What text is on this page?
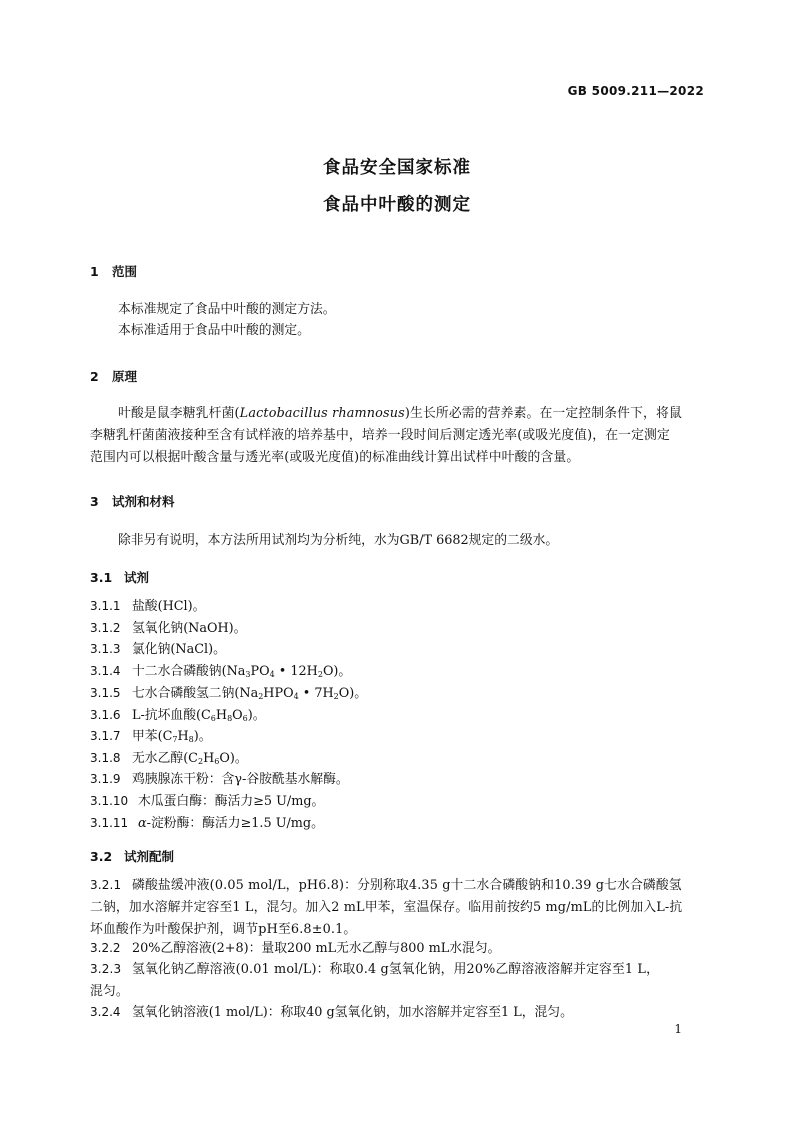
GB 5009.211—2022
食品安全国家标准
食品中叶酸的测定
1 范围
本标准规定了食品中叶酸的测定方法。
本标准适用于食品中叶酸的测定。
2 原理
叶酸是鼠李糖乳杆菌(Lactobacillus rhamnosus)生长所必需的营养素。在一定控制条件下，将鼠
李糖乳杆菌菌液接种至含有试样液的培养基中，培养一段时间后测定透光率(或吸光度值)，在一定测定
范围内可以根据叶酸含量与透光率(或吸光度值)的标准曲线计算出试样中叶酸的含量。
3 试剂和材料
除非另有说明，本方法所用试剂均为分析纯，水为GB/T 6682规定的二级水。
3.1 试剂
3.1.1 盐酸(HCl)。
3.1.2 氢氧化钠(NaOH)。
3.1.3 氯化钠(NaCl)。
3.1.4 十二水合磷酸钠($Na_3PO_4$ • $12H_2O$)。
3.1.5 七水合磷酸氢二钠($Na_2HPO_4$ • $7H_2O$)。
3.1.6 L-抗坏血酸$(C_6H_8O_6)$。
3.1.7 甲苯$(C_7H_8)$。
3.1.8 无水乙醇$(C_2H_6O)$。
3.1.9 鸡胰腺冻干粉：含γ-谷胺酰基水解酶。
3.1.10 木瓜蛋白酶：酶活力≥5 U/mg。
3.1.11 α-淀粉酶：酶活力≥1.5 U/mg。
3.2 试剂配制
3.2.1 磷酸盐缓冲液(0.05 mol/L，pH6.8)：分别称取4.35 g十二水合磷酸钠和10.39 g七水合磷酸氢
二钠，加水溶解并定容至1 L，混匀。加入2 mL甲苯，室温保存。临用前按约5 mg/mL的比例加入L-抗
坏血酸作为叶酸保护剂，调节pH至6.8±0.1。
3.2.2 20%乙醇溶液(2+8)：量取200 mL无水乙醇与800 mL水混匀。
3.2.3 氢氧化钠乙醇溶液(0.01 mol/L)：称取0.4 g氢氧化钠，用20%乙醇溶液溶解并定容至1 L，
混匀。
3.2.4 氢氧化钠溶液(1 mol/L)：称取40 g氢氧化钠，加水溶解并定容至1 L，混匀。
1
